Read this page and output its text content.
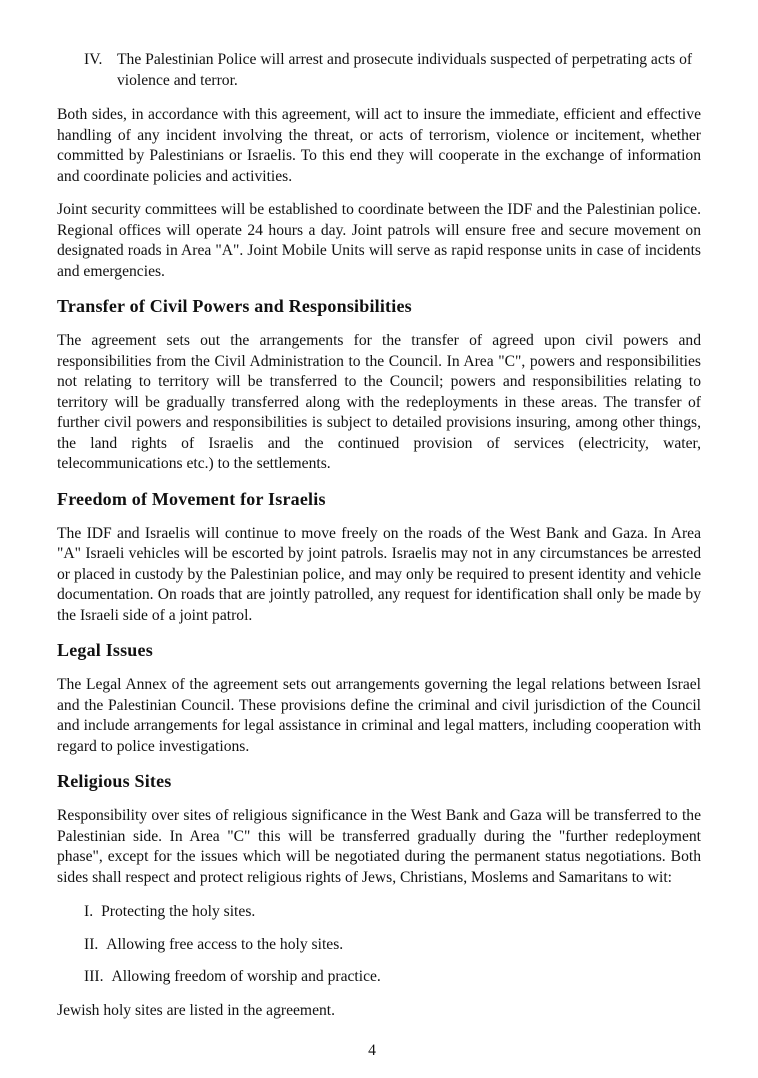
IV. The Palestinian Police will arrest and prosecute individuals suspected of perpetrating acts of violence and terror.

Both sides, in accordance with this agreement, will act to insure the immediate, efficient and effective handling of any incident involving the threat, or acts of terrorism, violence or incitement, whether committed by Palestinians or Israelis. To this end they will cooperate in the exchange of information and coordinate policies and activities.

Joint security committees will be established to coordinate between the IDF and the Palestinian police. Regional offices will operate 24 hours a day. Joint patrols will ensure free and secure movement on designated roads in Area "A". Joint Mobile Units will serve as rapid response units in case of incidents and emergencies.

Transfer of Civil Powers and Responsibilities

The agreement sets out the arrangements for the transfer of agreed upon civil powers and responsibilities from the Civil Administration to the Council. In Area "C", powers and responsibilities not relating to territory will be transferred to the Council; powers and responsibilities relating to territory will be gradually transferred along with the redeployments in these areas. The transfer of further civil powers and responsibilities is subject to detailed provisions insuring, among other things, the land rights of Israelis and the continued provision of services (electricity, water, telecommunications etc.) to the settlements.

Freedom of Movement for Israelis

The IDF and Israelis will continue to move freely on the roads of the West Bank and Gaza. In Area "A" Israeli vehicles will be escorted by joint patrols. Israelis may not in any circumstances be arrested or placed in custody by the Palestinian police, and may only be required to present identity and vehicle documentation. On roads that are jointly patrolled, any request for identification shall only be made by the Israeli side of a joint patrol.

Legal Issues

The Legal Annex of the agreement sets out arrangements governing the legal relations between Israel and the Palestinian Council. These provisions define the criminal and civil jurisdiction of the Council and include arrangements for legal assistance in criminal and legal matters, including cooperation with regard to police investigations.

Religious Sites

Responsibility over sites of religious significance in the West Bank and Gaza will be transferred to the Palestinian side. In Area "C" this will be transferred gradually during the "further redeployment phase", except for the issues which will be negotiated during the permanent status negotiations. Both sides shall respect and protect religious rights of Jews, Christians, Moslems and Samaritans to wit:

I. Protecting the holy sites.
II. Allowing free access to the holy sites.
III. Allowing freedom of worship and practice.

Jewish holy sites are listed in the agreement.

4
